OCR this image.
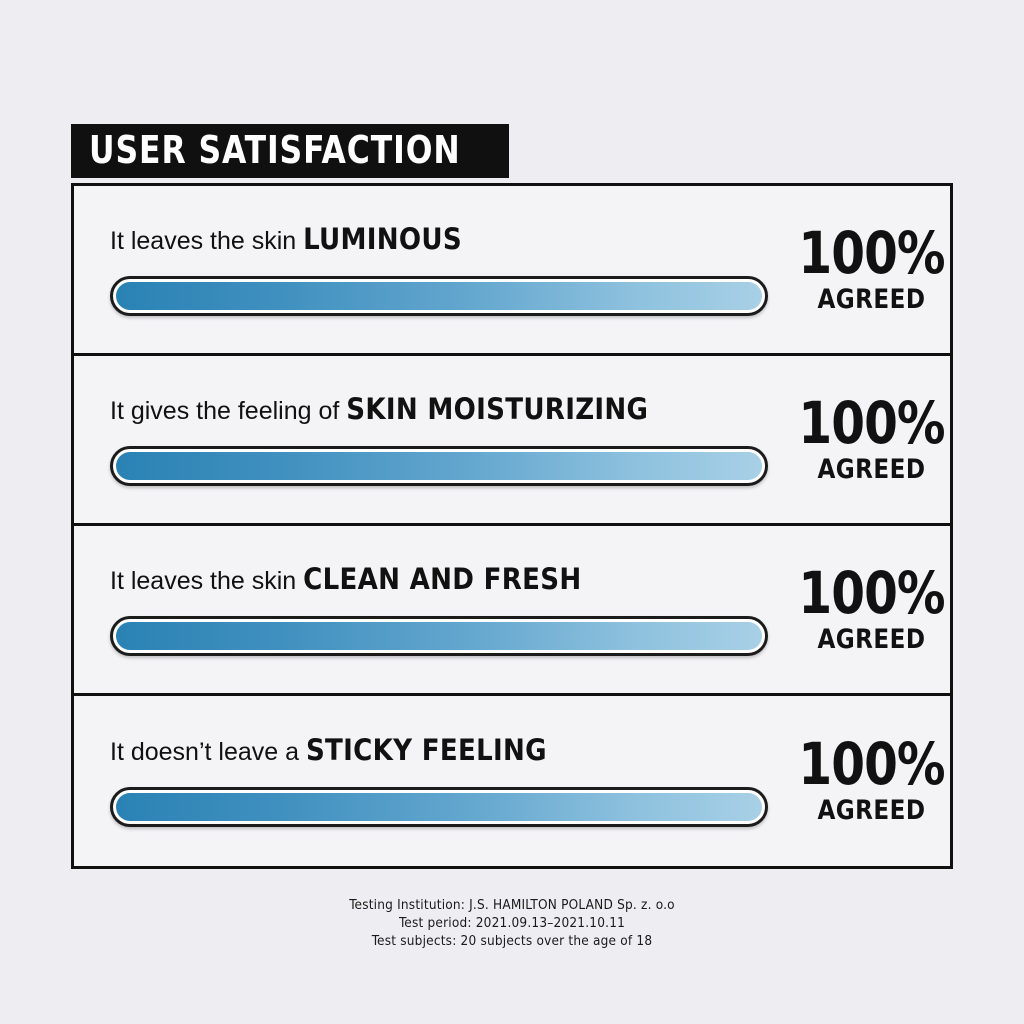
USER SATISFACTION
It leaves the skin LUMINOUS	100%
AGREED
It gives the feeling of SKIN MOISTURIZING	100%
AGREED
It leaves the skin CLEAN AND FRESH	100%
AGREED
It doesn’t leave a STICKY FEELING	100%
AGREED
Testing Institution: J.S. HAMILTON POLAND Sp. z. o.o
Test period: 2021.09.13–2021.10.11
Test subjects: 20 subjects over the age of 18
